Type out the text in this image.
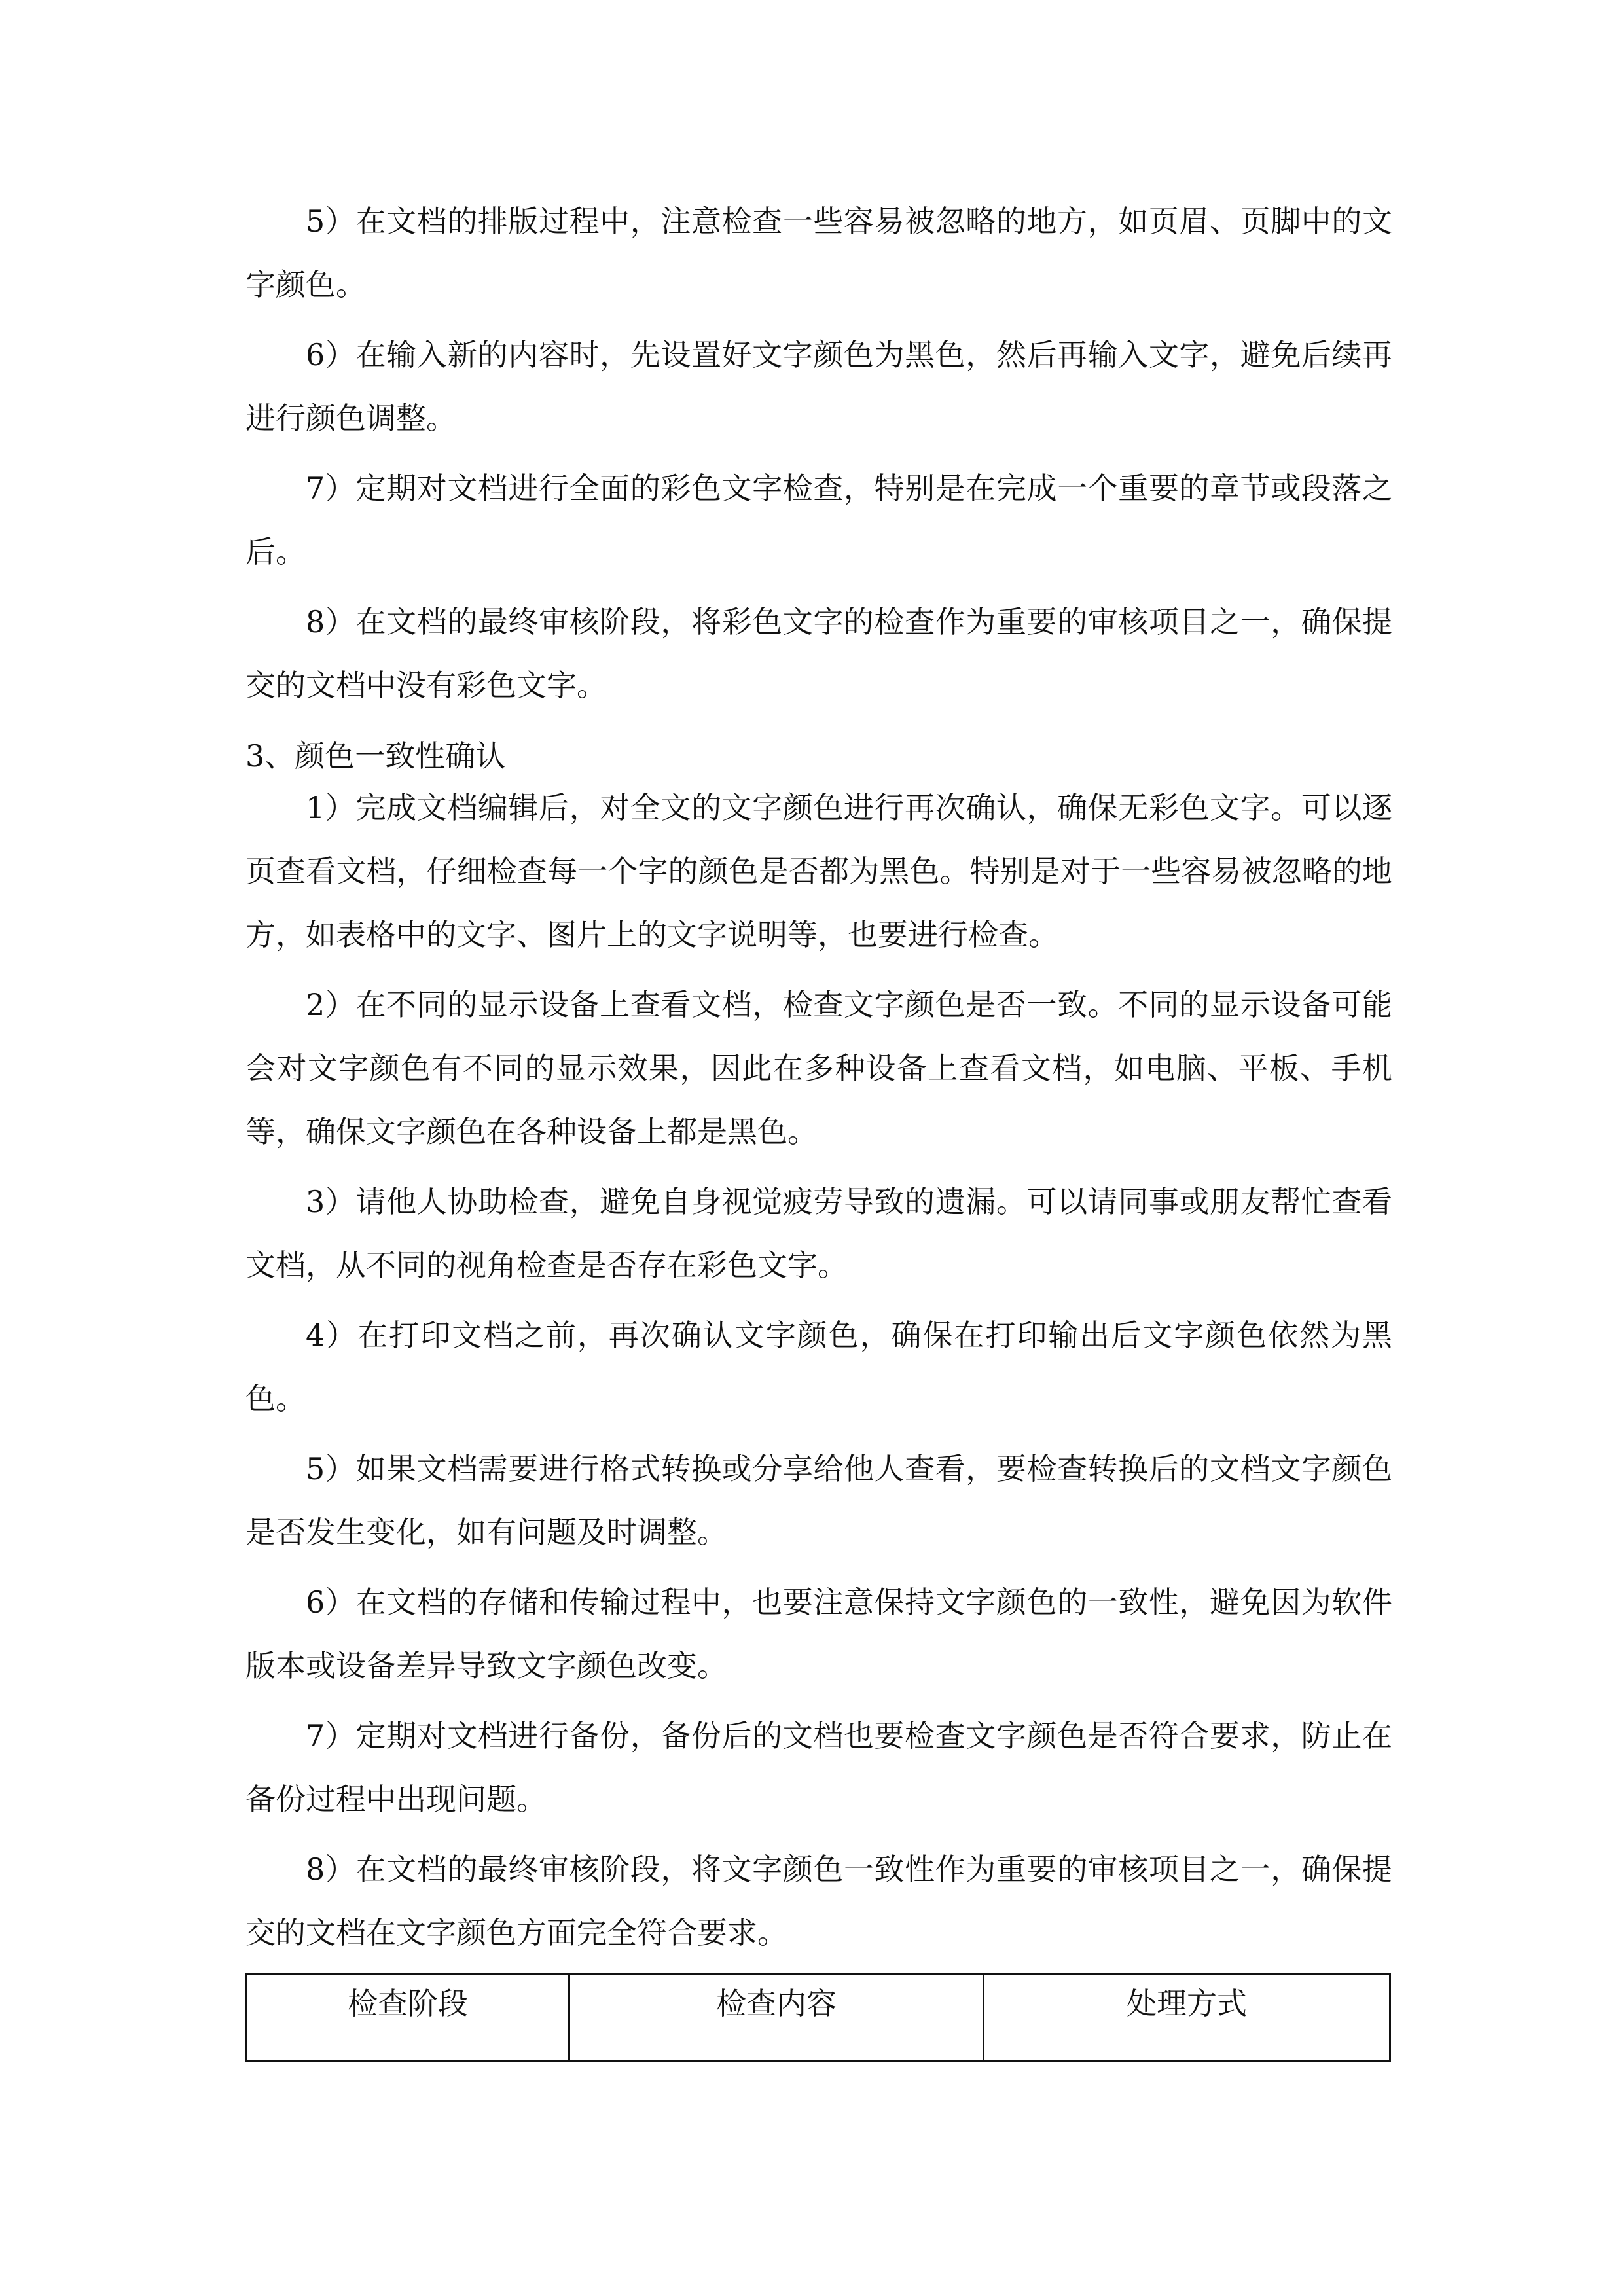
5）在文档的排版过程中，注意检查一些容易被忽略的地方，如页眉、页脚中的文字颜色。

6）在输入新的内容时，先设置好文字颜色为黑色，然后再输入文字，避免后续再进行颜色调整。

7）定期对文档进行全面的彩色文字检查，特别是在完成一个重要的章节或段落之后。

8）在文档的最终审核阶段，将彩色文字的检查作为重要的审核项目之一，确保提交的文档中没有彩色文字。

3、颜色一致性确认

1）完成文档编辑后，对全文的文字颜色进行再次确认，确保无彩色文字。可以逐页查看文档，仔细检查每一个字的颜色是否都为黑色。特别是对于一些容易被忽略的地方，如表格中的文字、图片上的文字说明等，也要进行检查。

2）在不同的显示设备上查看文档，检查文字颜色是否一致。不同的显示设备可能会对文字颜色有不同的显示效果，因此在多种设备上查看文档，如电脑、平板、手机等，确保文字颜色在各种设备上都是黑色。

3）请他人协助检查，避免自身视觉疲劳导致的遗漏。可以请同事或朋友帮忙查看文档，从不同的视角检查是否存在彩色文字。

4）在打印文档之前，再次确认文字颜色，确保在打印输出后文字颜色依然为黑色。

5）如果文档需要进行格式转换或分享给他人查看，要检查转换后的文档文字颜色是否发生变化，如有问题及时调整。

6）在文档的存储和传输过程中，也要注意保持文字颜色的一致性，避免因为软件版本或设备差异导致文字颜色改变。

7）定期对文档进行备份，备份后的文档也要检查文字颜色是否符合要求，防止在备份过程中出现问题。

8）在文档的最终审核阶段，将文字颜色一致性作为重要的审核项目之一，确保提交的文档在文字颜色方面完全符合要求。

检查阶段	检查内容	处理方式
